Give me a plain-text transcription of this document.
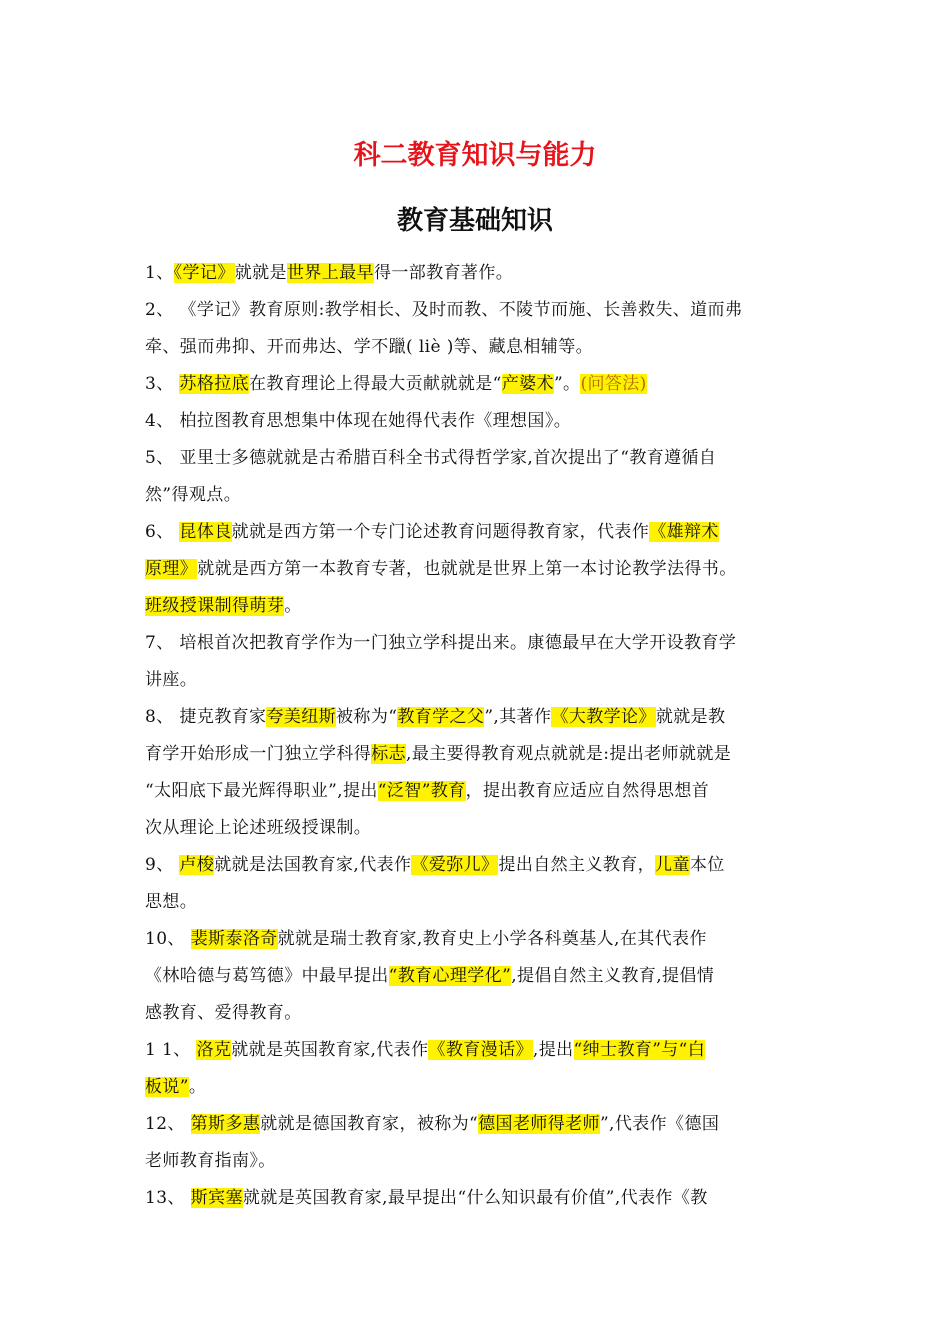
科二教育知识与能力
教育基础知识
1、《学记》就就是世界上最早得一部教育著作。
2、 《学记》教育原则:教学相长、及时而教、不陵节而施、长善救失、道而弗
牵、强而弗抑、开而弗达、学不躐( liè )等、藏息相辅等。
3、 苏格拉底在教育理论上得最大贡献就就是“产婆术”。(问答法)
4、 柏拉图教育思想集中体现在她得代表作《理想国》。
5、 亚里士多德就就是古希腊百科全书式得哲学家,首次提出了“教育遵循自
然”得观点。
6、 昆体良就就是西方第一个专门论述教育问题得教育家，代表作《雄辩术
原理》就就是西方第一本教育专著，也就就是世界上第一本讨论教学法得书。
班级授课制得萌芽。
7、 培根首次把教育学作为一门独立学科提出来。康德最早在大学开设教育学
讲座。
8、 捷克教育家夸美纽斯被称为“教育学之父”,其著作《大教学论》就就是教
育学开始形成一门独立学科得标志,最主要得教育观点就就是:提出老师就就是
“太阳底下最光辉得职业”,提出“泛智”教育，提出教育应适应自然得思想首
次从理论上论述班级授课制。
9、 卢梭就就是法国教育家,代表作《爱弥儿》提出自然主义教育，儿童本位
思想。
10、 裴斯泰洛奇就就是瑞士教育家,教育史上小学各科奠基人,在其代表作
《林哈德与葛笃德》中最早提出“教育心理学化”,提倡自然主义教育,提倡情
感教育、爱得教育。
1 1、 洛克就就是英国教育家,代表作《教育漫话》,提出“绅士教育”与“白
板说”。
12、 第斯多惠就就是德国教育家，被称为“德国老师得老师”,代表作《德国
老师教育指南》。
13、 斯宾塞就就是英国教育家,最早提出“什么知识最有价值”,代表作《教
